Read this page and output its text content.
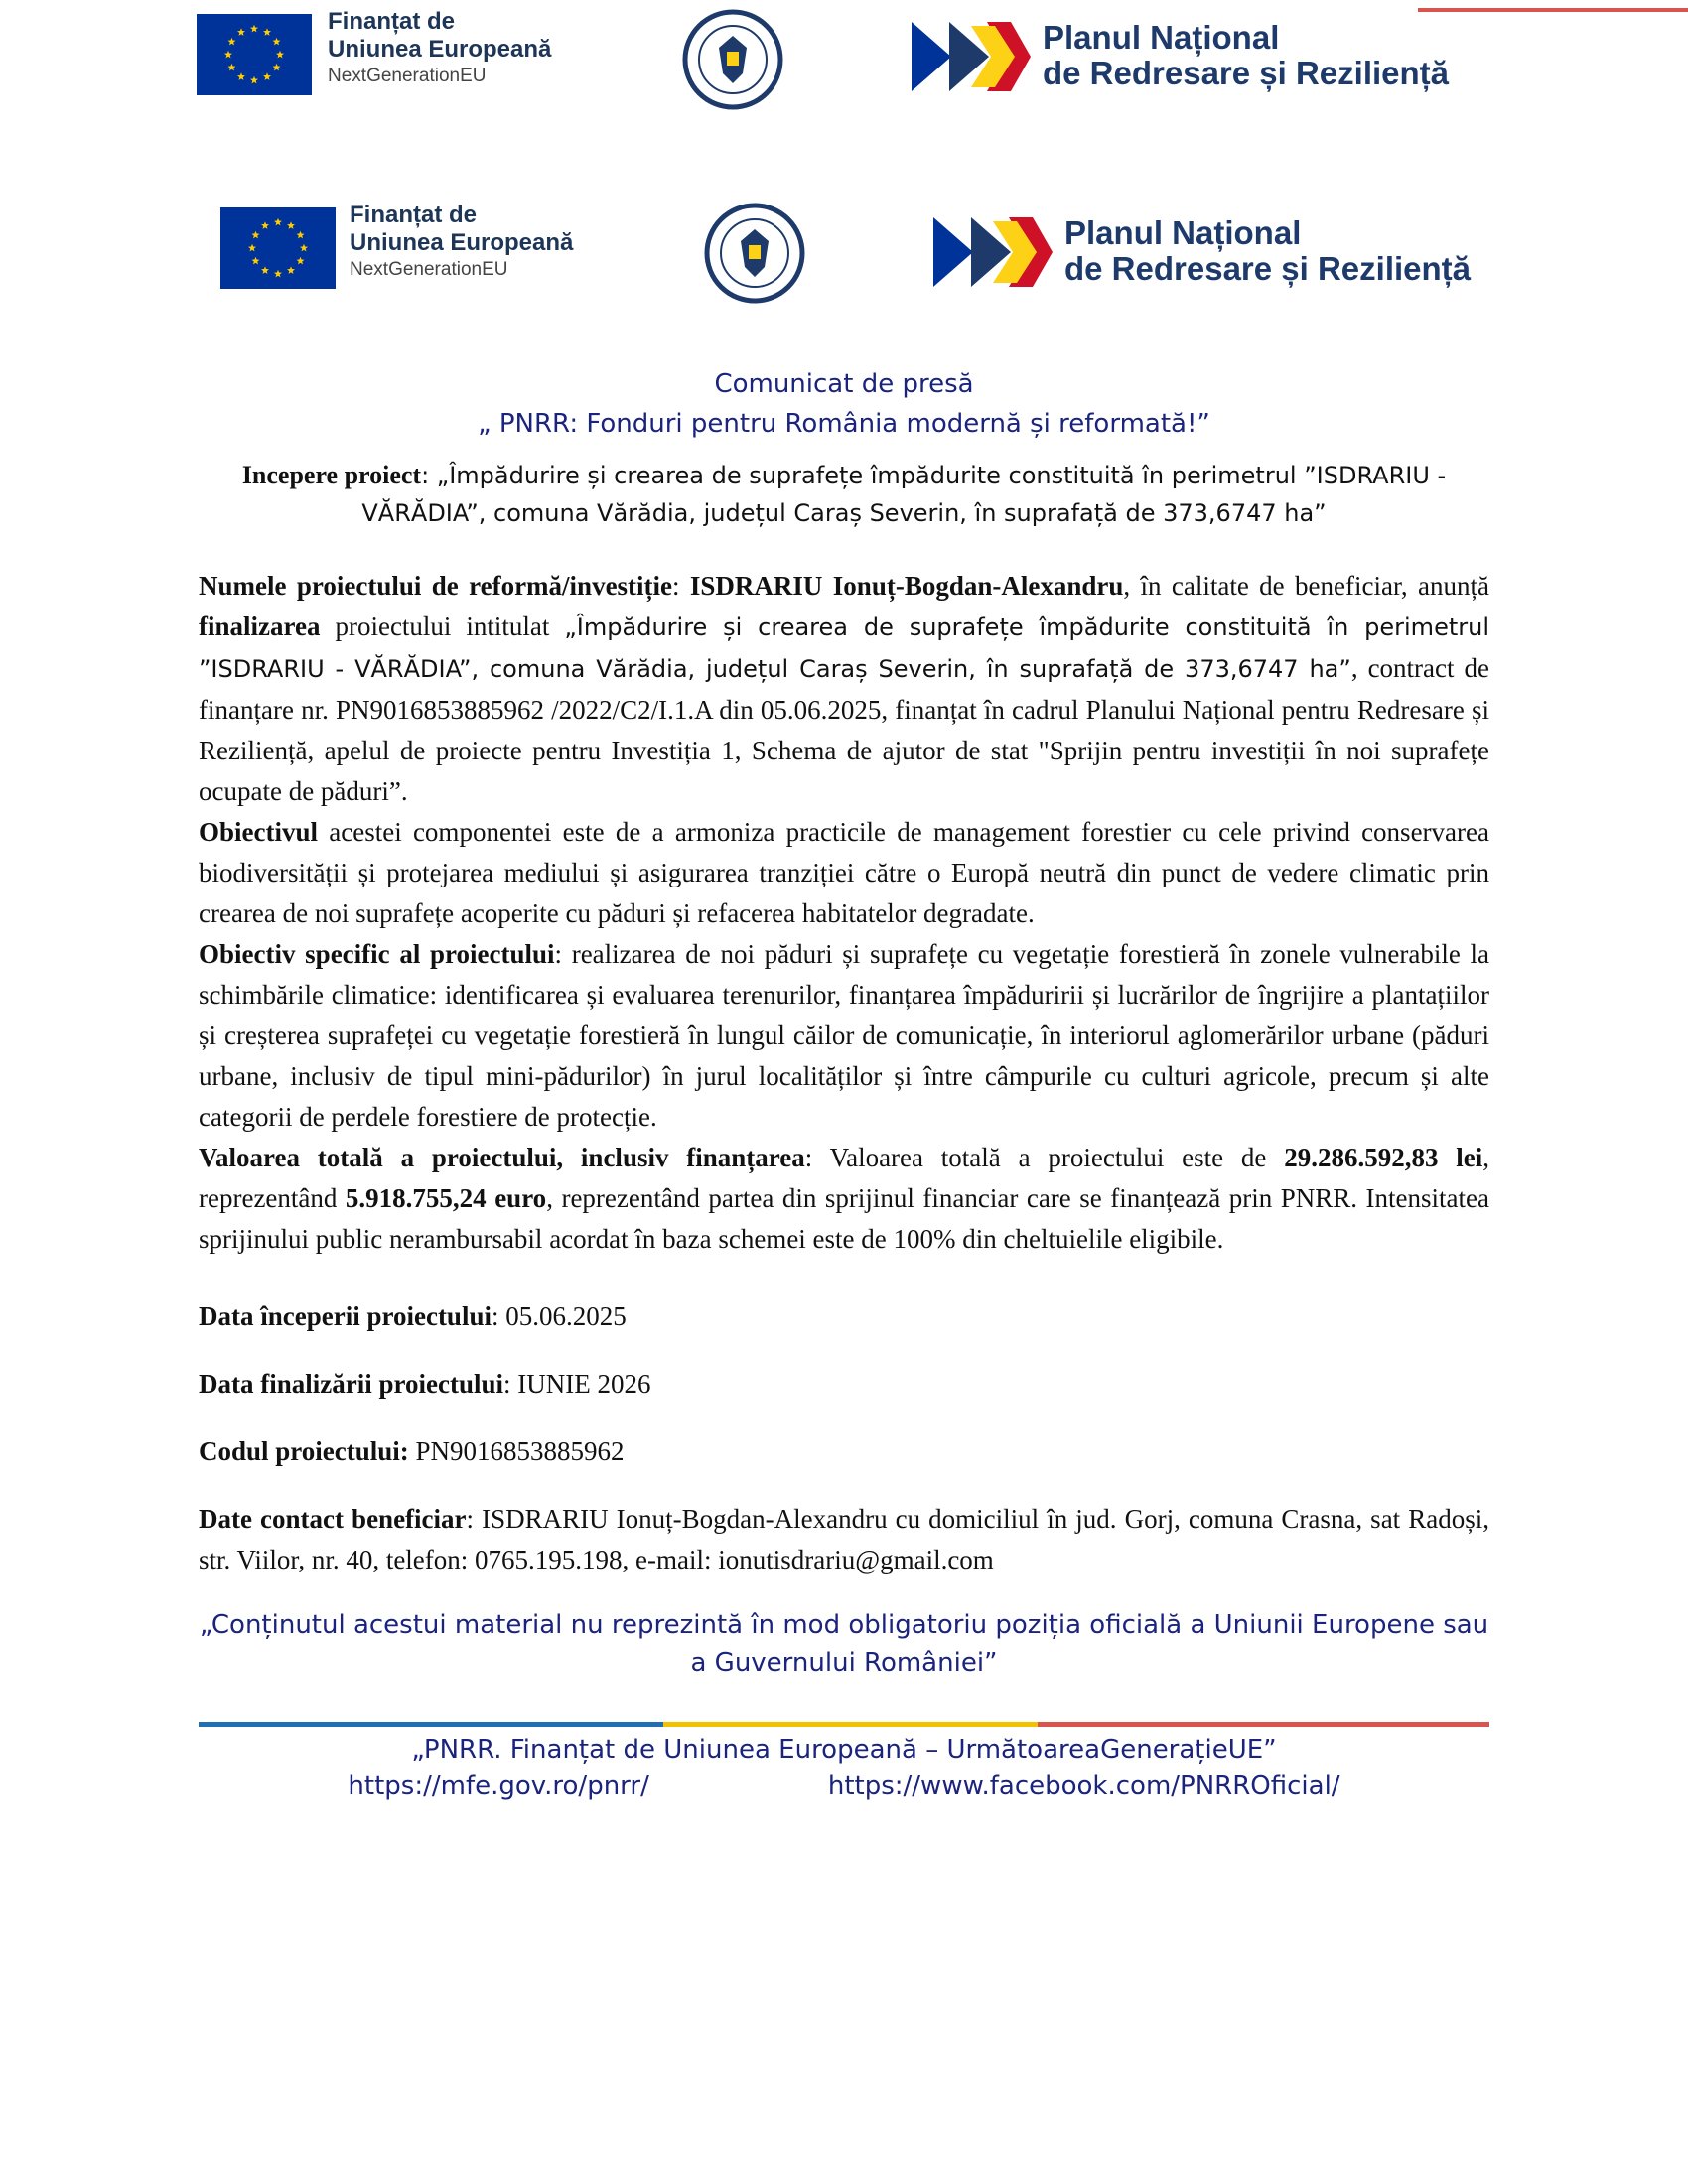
Finanțat de
Uniunea Europeană
NextGenerationEU
Planul Național
de Redresare și Reziliență
Finanțat de
Uniunea Europeană
NextGenerationEU
Planul Național
de Redresare și Reziliență
Comunicat de presă
„ PNRR: Fonduri pentru România modernă și reformată!”
Incepere proiect: „Împădurire și crearea de suprafețe împădurite constituită în perimetrul ”ISDRARIU - VĂRĂDIA”, comuna Vărădia, județul Caraș Severin, în suprafață de 373,6747 ha”

Numele proiectului de reformă/investiție: ISDRARIU Ionuț-Bogdan-Alexandru, în calitate de beneficiar, anunță finalizarea proiectului intitulat „Împădurire și crearea de suprafețe împădurite constituită în perimetrul ”ISDRARIU - VĂRĂDIA”, comuna Vărădia, județul Caraș Severin, în suprafață de 373,6747 ha”, contract de finanțare nr. PN9016853885962 /2022/C2/I.1.A din 05.06.2025, finanțat în cadrul Planului Național pentru Redresare și Reziliență, apelul de proiecte pentru Investiția 1, Schema de ajutor de stat "Sprijin pentru investiții în noi suprafețe ocupate de păduri”.

Obiectivul acestei componentei este de a armoniza practicile de management forestier cu cele privind conservarea biodiversității și protejarea mediului și asigurarea tranziției către o Europă neutră din punct de vedere climatic prin crearea de noi suprafețe acoperite cu păduri și refacerea habitatelor degradate.

Obiectiv specific al proiectului: realizarea de noi păduri și suprafețe cu vegetație forestieră în zonele vulnerabile la schimbările climatice: identificarea și evaluarea terenurilor, finanțarea împăduririi și lucrărilor de îngrijire a plantațiilor și creșterea suprafeței cu vegetație forestieră în lungul căilor de comunicație, în interiorul aglomerărilor urbane (păduri urbane, inclusiv de tipul mini-pădurilor) în jurul localităților și între câmpurile cu culturi agricole, precum și alte categorii de perdele forestiere de protecție.

Valoarea totală a proiectului, inclusiv finanțarea: Valoarea totală a proiectului este de 29.286.592,83 lei, reprezentând 5.918.755,24 euro, reprezentând partea din sprijinul financiar care se finanțează prin PNRR. Intensitatea sprijinului public nerambursabil acordat în baza schemei este de 100% din cheltuielile eligibile.

Data începerii proiectului: 05.06.2025
Data finalizării proiectului: IUNIE 2026
Codul proiectului: PN9016853885962
Date contact beneficiar: ISDRARIU Ionuț-Bogdan-Alexandru cu domiciliul în jud. Gorj, comuna Crasna, sat Radoși, str. Viilor, nr. 40, telefon: 0765.195.198, e-mail: ionutisdrariu@gmail.com
„Conținutul acestui material nu reprezintă în mod obligatoriu poziția oficială a Uniunii Europene sau a Guvernului României”
„PNRR. Finanțat de Uniunea Europeană – UrmătoareaGenerațieUE”
https://mfe.gov.ro/pnrr/	https://www.facebook.com/PNRROficial/
